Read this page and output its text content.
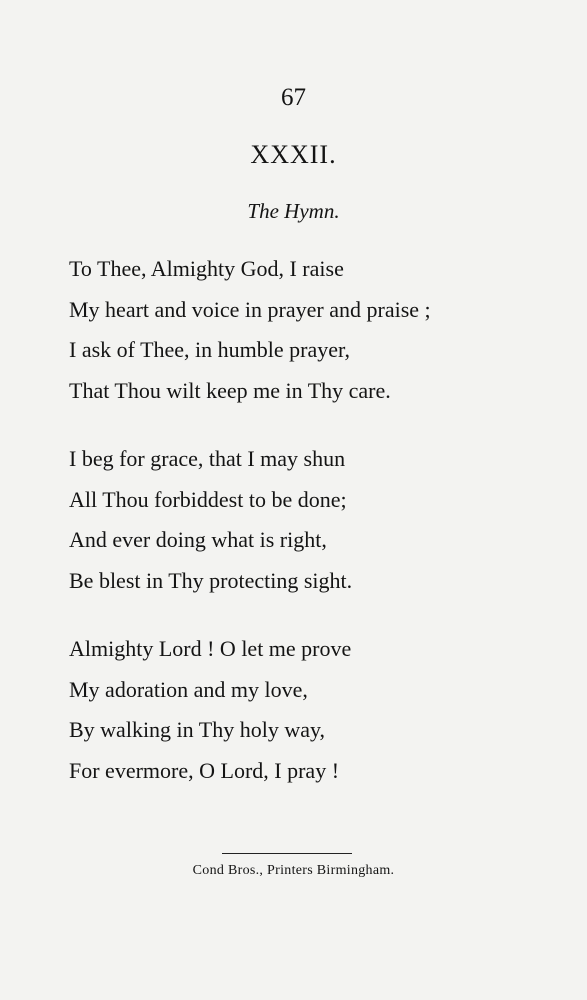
67
XXXII.
The Hymn.
To Thee, Almighty God, I raise
My heart and voice in prayer and praise ;
I ask of Thee, in humble prayer,
That Thou wilt keep me in Thy care.
I beg for grace, that I may shun
All Thou forbiddest to be done;
And ever doing what is right,
Be blest in Thy protecting sight.
Almighty Lord ! O let me prove
My adoration and my love,
By walking in Thy holy way,
For evermore, O Lord, I pray !
Cond Bros., Printers Birmingham.
